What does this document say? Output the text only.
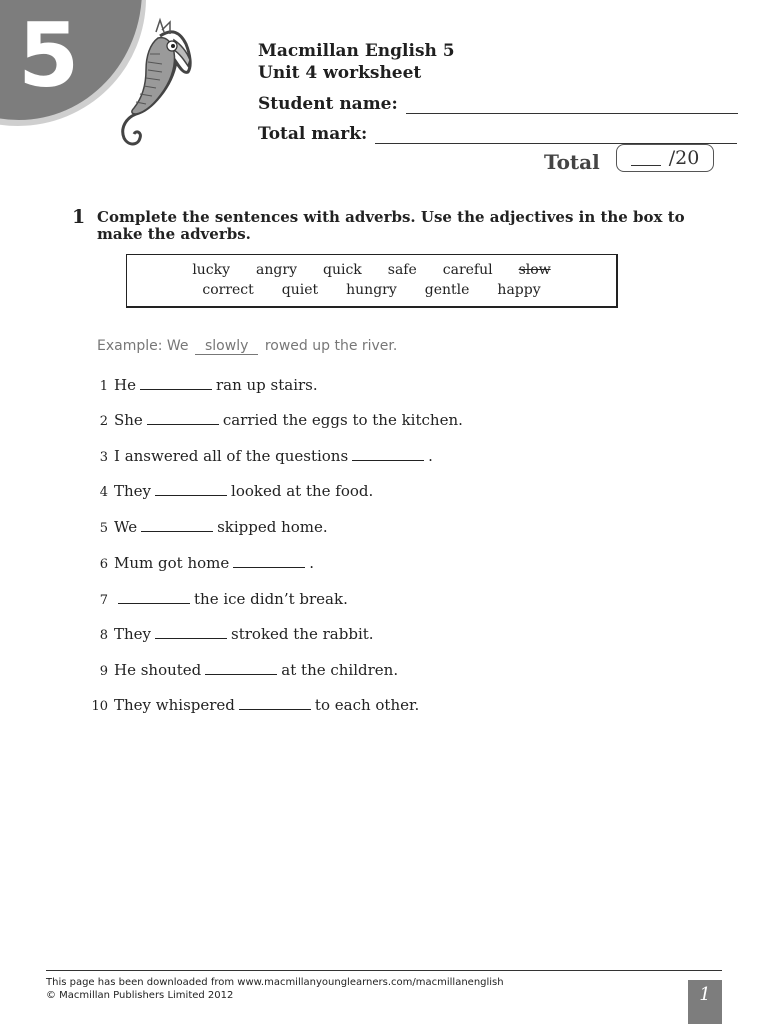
5	Macmillan English 5
Unit 4 worksheet
Student name:
Total mark:
Total	/20
1 Complete the sentences with adverbs. Use the adjectives in the box to make the adverbs.
lucky angry quick safe careful slow
correct quiet hungry gentle happy
Example: We slowly rowed up the river.
1 He	ran up stairs.
2 She	carried the eggs to the kitchen.
3 I answered all of the questions	.
4 They	looked at the food.
5 We	skipped home.
6 Mum got home	.
7	the ice didn’t break.
8 They	stroked the rabbit.
9 He shouted	at the children.
10 They whispered	to each other.
This page has been downloaded from www.macmillanyounglearners.com/macmillanenglish
© Macmillan Publishers Limited 2012	1
